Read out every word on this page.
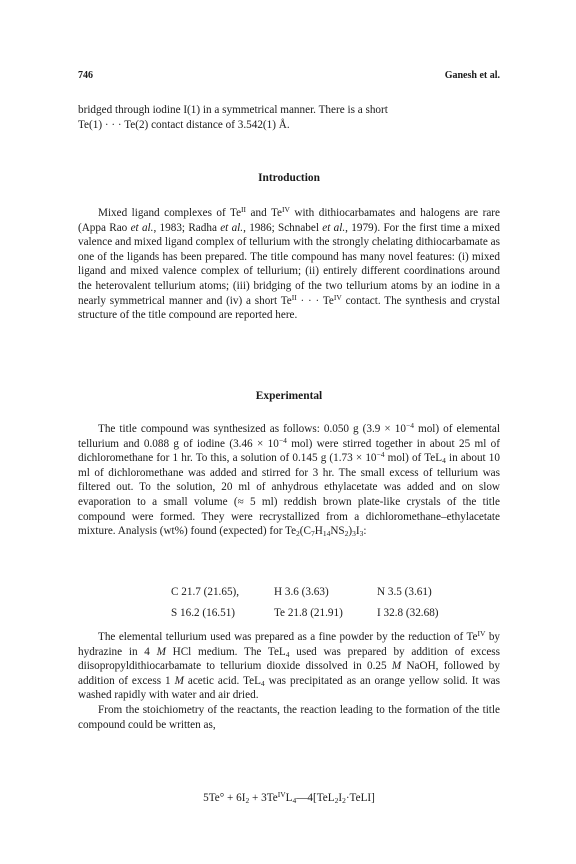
746	Ganesh et al.

bridged through iodine I(1) in a symmetrical manner. There is a short

Te(1) · · · Te(2) contact distance of 3.542(1) Å.

Introduction

Mixed ligand complexes of $Te^{II}$ and $Te^{IV}$ with dithiocarbamates and halogens are rare (Appa Rao et al., 1983; Radha et al., 1986; Schnabel et al., 1979). For the first time a mixed valence and mixed ligand complex of tellurium with the strongly chelating dithiocarbamate as one of the ligands has been prepared. The title compound has many novel features: (i) mixed ligand and mixed valence complex of tellurium; (ii) entirely different coordinations around the heterovalent tellurium atoms; (iii) bridging of the two tellurium atoms by an iodine in a nearly symmetrical manner and (iv) a short $Te^{II}$ · · · $Te^{IV}$ contact. The synthesis and crystal structure of the title compound are reported here.

Experimental

The title compound was synthesized as follows: 0.050 g ($3.9 \times 10^{-4}$ mol) of elemental tellurium and 0.088 g of iodine ($3.46 \times 10^{-4}$ mol) were stirred together in about 25 ml of dichloromethane for 1 hr. To this, a solution of 0.145 g ($1.73 \times 10^{-4}$ mol) of TeL$_4$ in about 10 ml of dichloromethane was added and stirred for 3 hr. The small excess of tellurium was filtered out. To the solution, 20 ml of anhydrous ethylacetate was added and on slow evaporation to a small volume (≈ 5 ml) reddish brown plate-like crystals of the title compound were formed. They were recrystallized from a dichloromethane–ethylacetate mixture. Analysis (wt%) found (expected) for $Te_2(C_7H_{14}NS_2)_3I_3$:

C 21.7 (21.65),	H 3.6 (3.63)	N 3.5 (3.61)
S 16.2 (16.51)	Te 21.8 (21.91)	I 32.8 (32.68)

The elemental tellurium used was prepared as a fine powder by the reduction of $Te^{IV}$ by hydrazine in 4 M HCl medium. The TeL$_4$ used was prepared by addition of excess diisopropyldithiocarbamate to tellurium dioxide dissolved in 0.25 M NaOH, followed by addition of excess 1 M acetic acid. TeL$_4$ was precipitated as an orange yellow solid. It was washed rapidly with water and air dried.

From the stoichiometry of the reactants, the reaction leading to the formation of the title compound could be written as,

$5Te^\circ + 6I_2$ + $3Te^{IV}L_4—4[TeL_2I_2\cdot TeLI]$
